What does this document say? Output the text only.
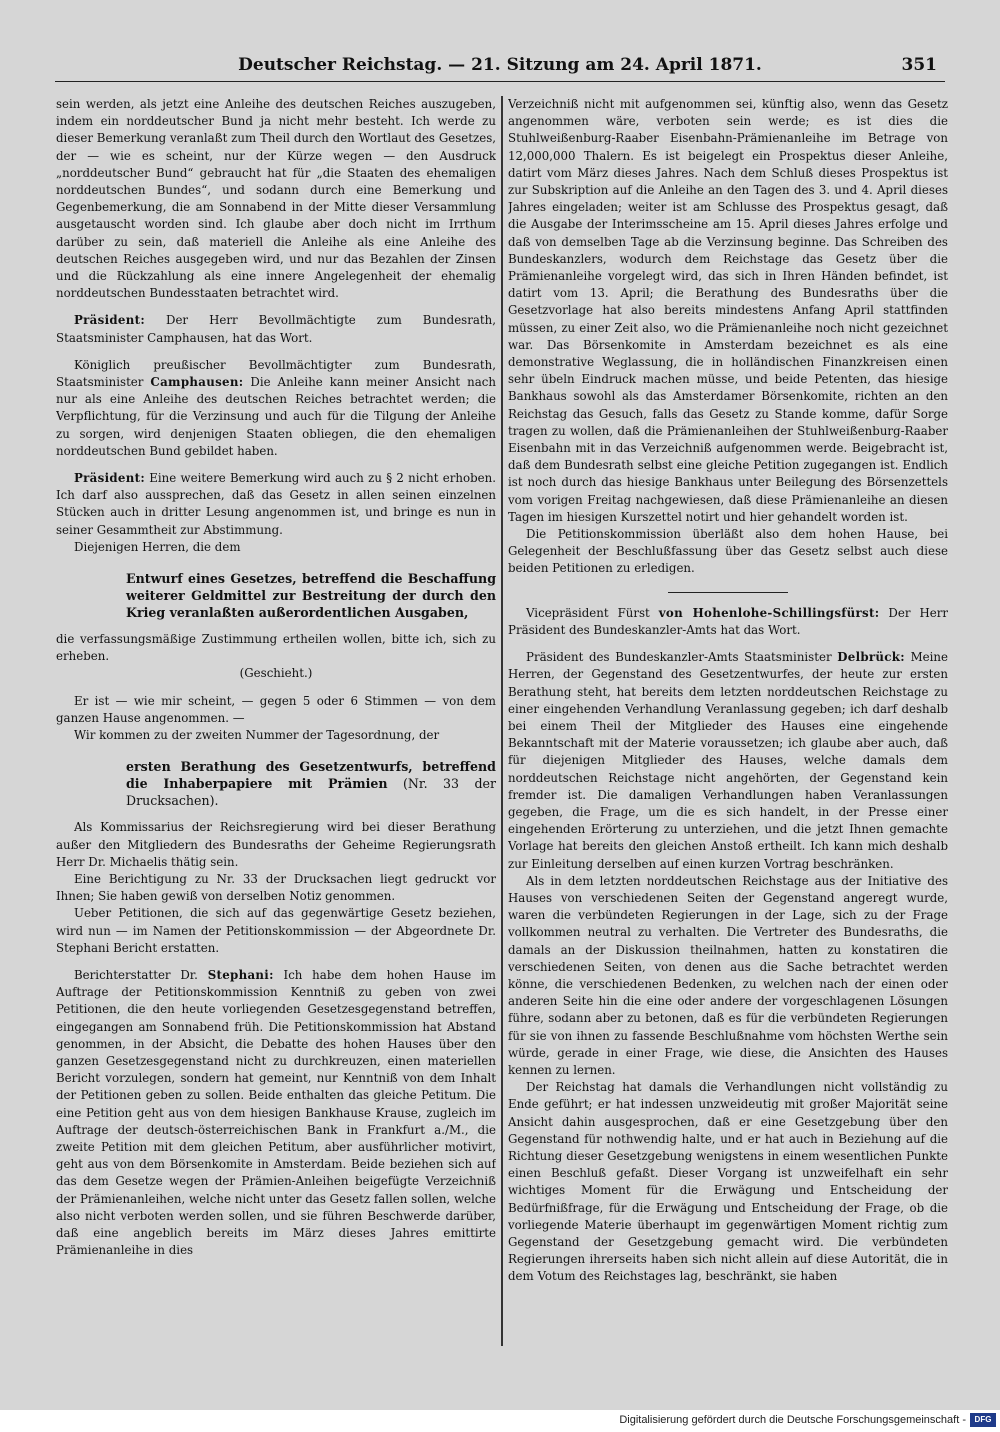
Deutscher Reichstag. — 21. Sitzung am 24. April 1871.	351

sein werden, als jetzt eine Anleihe des deutschen Reiches auszugeben, indem ein norddeutscher Bund ja nicht mehr besteht. Ich werde zu dieser Bemerkung veranlaßt zum Theil durch den Wortlaut des Gesetzes, der — wie es scheint, nur der Kürze wegen — den Ausdruck „norddeutscher Bund“ gebraucht hat für „die Staaten des ehemaligen norddeutschen Bundes“, und sodann durch eine Bemerkung und Gegenbemerkung, die am Sonnabend in der Mitte dieser Versammlung ausgetauscht worden sind. Ich glaube aber doch nicht im Irrthum darüber zu sein, daß materiell die Anleihe als eine Anleihe des deutschen Reiches ausgegeben wird, und nur das Bezahlen der Zinsen und die Rückzahlung als eine innere Angelegenheit der ehemalig norddeutschen Bundesstaaten betrachtet wird.

Präsident: Der Herr Bevollmächtigte zum Bundesrath, Staatsminister Camphausen, hat das Wort.

Königlich preußischer Bevollmächtigter zum Bundesrath, Staatsminister Camphausen: Die Anleihe kann meiner Ansicht nach nur als eine Anleihe des deutschen Reiches betrachtet werden; die Verpflichtung, für die Verzinsung und auch für die Tilgung der Anleihe zu sorgen, wird denjenigen Staaten obliegen, die den ehemaligen norddeutschen Bund gebildet haben.

Präsident: Eine weitere Bemerkung wird auch zu § 2 nicht erhoben. Ich darf also aussprechen, daß das Gesetz in allen seinen einzelnen Stücken auch in dritter Lesung angenommen ist, und bringe es nun in seiner Gesammtheit zur Abstimmung.

Diejenigen Herren, die dem

Entwurf eines Gesetzes, betreffend die Beschaffung weiterer Geldmittel zur Bestreitung der durch den Krieg veranlaßten außerordentlichen Ausgaben,

die verfassungsmäßige Zustimmung ertheilen wollen, bitte ich, sich zu erheben.

(Geschieht.)

Er ist — wie mir scheint, — gegen 5 oder 6 Stimmen — von dem ganzen Hause angenommen. —

Wir kommen zu der zweiten Nummer der Tagesordnung, der

ersten Berathung des Gesetzentwurfs, betreffend die Inhaberpapiere mit Prämien (Nr. 33 der Drucksachen).

Als Kommissarius der Reichsregierung wird bei dieser Berathung außer den Mitgliedern des Bundesraths der Geheime Regierungsrath Herr Dr. Michaelis thätig sein.

Eine Berichtigung zu Nr. 33 der Drucksachen liegt gedruckt vor Ihnen; Sie haben gewiß von derselben Notiz genommen.

Ueber Petitionen, die sich auf das gegenwärtige Gesetz beziehen, wird nun — im Namen der Petitionskommission — der Abgeordnete Dr. Stephani Bericht erstatten.

Berichterstatter Dr. Stephani: Ich habe dem hohen Hause im Auftrage der Petitionskommission Kenntniß zu geben von zwei Petitionen, die den heute vorliegenden Gesetzesgegenstand betreffen, eingegangen am Sonnabend früh. Die Petitionskommission hat Abstand genommen, in der Absicht, die Debatte des hohen Hauses über den ganzen Gesetzesgegenstand nicht zu durchkreuzen, einen materiellen Bericht vorzulegen, sondern hat gemeint, nur Kenntniß von dem Inhalt der Petitionen geben zu sollen. Beide enthalten das gleiche Petitum. Die eine Petition geht aus von dem hiesigen Bankhause Krause, zugleich im Auftrage der deutsch-österreichischen Bank in Frankfurt a./M., die zweite Petition mit dem gleichen Petitum, aber ausführlicher motivirt, geht aus von dem Börsenkomite in Amsterdam. Beide beziehen sich auf das dem Gesetze wegen der Prämien-Anleihen beigefügte Verzeichniß der Prämienanleihen, welche nicht unter das Gesetz fallen sollen, welche also nicht verboten werden sollen, und sie führen Beschwerde darüber, daß eine angeblich bereits im März dieses Jahres emittirte Prämienanleihe in dies

Verzeichniß nicht mit aufgenommen sei, künftig also, wenn das Gesetz angenommen wäre, verboten sein werde; es ist dies die Stuhlweißenburg-Raaber Eisenbahn-Prämienanleihe im Betrage von 12,000,000 Thalern. Es ist beigelegt ein Prospektus dieser Anleihe, datirt vom März dieses Jahres. Nach dem Schluß dieses Prospektus ist zur Subskription auf die Anleihe an den Tagen des 3. und 4. April dieses Jahres eingeladen; weiter ist am Schlusse des Prospektus gesagt, daß die Ausgabe der Interimsscheine am 15. April dieses Jahres erfolge und daß von demselben Tage ab die Verzinsung beginne. Das Schreiben des Bundeskanzlers, wodurch dem Reichstage das Gesetz über die Prämienanleihe vorgelegt wird, das sich in Ihren Händen befindet, ist datirt vom 13. April; die Berathung des Bundesraths über die Gesetzvorlage hat also bereits mindestens Anfang April stattfinden müssen, zu einer Zeit also, wo die Prämienanleihe noch nicht gezeichnet war. Das Börsenkomite in Amsterdam bezeichnet es als eine demonstrative Weglassung, die in holländischen Finanzkreisen einen sehr übeln Eindruck machen müsse, und beide Petenten, das hiesige Bankhaus sowohl als das Amsterdamer Börsenkomite, richten an den Reichstag das Gesuch, falls das Gesetz zu Stande komme, dafür Sorge tragen zu wollen, daß die Prämienanleihen der Stuhlweißenburg-Raaber Eisenbahn mit in das Verzeichniß aufgenommen werde. Beigebracht ist, daß dem Bundesrath selbst eine gleiche Petition zugegangen ist. Endlich ist noch durch das hiesige Bankhaus unter Beilegung des Börsenzettels vom vorigen Freitag nachgewiesen, daß diese Prämienanleihe an diesen Tagen im hiesigen Kurszettel notirt und hier gehandelt worden ist.

Die Petitionskommission überläßt also dem hohen Hause, bei Gelegenheit der Beschlußfassung über das Gesetz selbst auch diese beiden Petitionen zu erledigen.

Vicepräsident Fürst von Hohenlohe-Schillingsfürst: Der Herr Präsident des Bundeskanzler-Amts hat das Wort.

Präsident des Bundeskanzler-Amts Staatsminister Delbrück: Meine Herren, der Gegenstand des Gesetzentwurfes, der heute zur ersten Berathung steht, hat bereits dem letzten norddeutschen Reichstage zu einer eingehenden Verhandlung Veranlassung gegeben; ich darf deshalb bei einem Theil der Mitglieder des Hauses eine eingehende Bekanntschaft mit der Materie voraussetzen; ich glaube aber auch, daß für diejenigen Mitglieder des Hauses, welche damals dem norddeutschen Reichstage nicht angehörten, der Gegenstand kein fremder ist. Die damaligen Verhandlungen haben Veranlassungen gegeben, die Frage, um die es sich handelt, in der Presse einer eingehenden Erörterung zu unterziehen, und die jetzt Ihnen gemachte Vorlage hat bereits den gleichen Anstoß ertheilt. Ich kann mich deshalb zur Einleitung derselben auf einen kurzen Vortrag beschränken.

Als in dem letzten norddeutschen Reichstage aus der Initiative des Hauses von verschiedenen Seiten der Gegenstand angeregt wurde, waren die verbündeten Regierungen in der Lage, sich zu der Frage vollkommen neutral zu verhalten. Die Vertreter des Bundesraths, die damals an der Diskussion theilnahmen, hatten zu konstatiren die verschiedenen Seiten, von denen aus die Sache betrachtet werden könne, die verschiedenen Bedenken, zu welchen nach der einen oder anderen Seite hin die eine oder andere der vorgeschlagenen Lösungen führe, sodann aber zu betonen, daß es für die verbündeten Regierungen für sie von ihnen zu fassende Beschlußnahme vom höchsten Werthe sein würde, gerade in einer Frage, wie diese, die Ansichten des Hauses kennen zu lernen.

Der Reichstag hat damals die Verhandlungen nicht vollständig zu Ende geführt; er hat indessen unzweideutig mit großer Majorität seine Ansicht dahin ausgesprochen, daß er eine Gesetzgebung über den Gegenstand für nothwendig halte, und er hat auch in Beziehung auf die Richtung dieser Gesetzgebung wenigstens in einem wesentlichen Punkte einen Beschluß gefaßt. Dieser Vorgang ist unzweifelhaft ein sehr wichtiges Moment für die Erwägung und Entscheidung der Bedürfnißfrage, für die Erwägung und Entscheidung der Frage, ob die vorliegende Materie überhaupt im gegenwärtigen Moment richtig zum Gegenstand der Gesetzgebung gemacht wird. Die verbündeten Regierungen ihrerseits haben sich nicht allein auf diese Autorität, die in dem Votum des Reichstages lag, beschränkt, sie haben

Digitalisierung gefördert durch die Deutsche Forschungsgemeinschaft -	DFG
